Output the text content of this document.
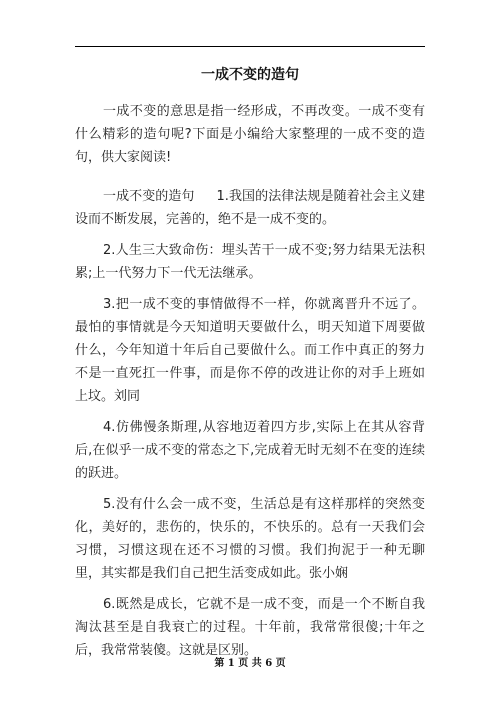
一成不变的造句

一成不变的意思是指一经形成，不再改变。一成不变有什么精彩的造句呢?下面是小编给大家整理的一成不变的造句，供大家阅读!

一成不变的造句 1.我国的法律法规是随着社会主义建设而不断发展，完善的，绝不是一成不变的。

2.人生三大致命伤：埋头苦干一成不变;努力结果无法积累;上一代努力下一代无法继承。

3.把一成不变的事情做得不一样，你就离晋升不远了。最怕的事情就是今天知道明天要做什么，明天知道下周要做什么，今年知道十年后自己要做什么。而工作中真正的努力不是一直死扛一件事，而是你不停的改进让你的对手上班如上坟。刘同

4.仿佛慢条斯理,从容地迈着四方步,实际上在其从容背后,在似乎一成不变的常态之下,完成着无时无刻不在变的连续的跃进。

5.没有什么会一成不变，生活总是有这样那样的突然变化，美好的，悲伤的，快乐的，不快乐的。总有一天我们会习惯，习惯这现在还不习惯的习惯。我们拘泥于一种无聊里，其实都是我们自己把生活变成如此。张小娴

6.既然是成长，它就不是一成不变，而是一个不断自我淘汰甚至是自我衰亡的过程。十年前，我常常很傻;十年之后，我常常装傻。这就是区别。

第 1 页 共 6 页
